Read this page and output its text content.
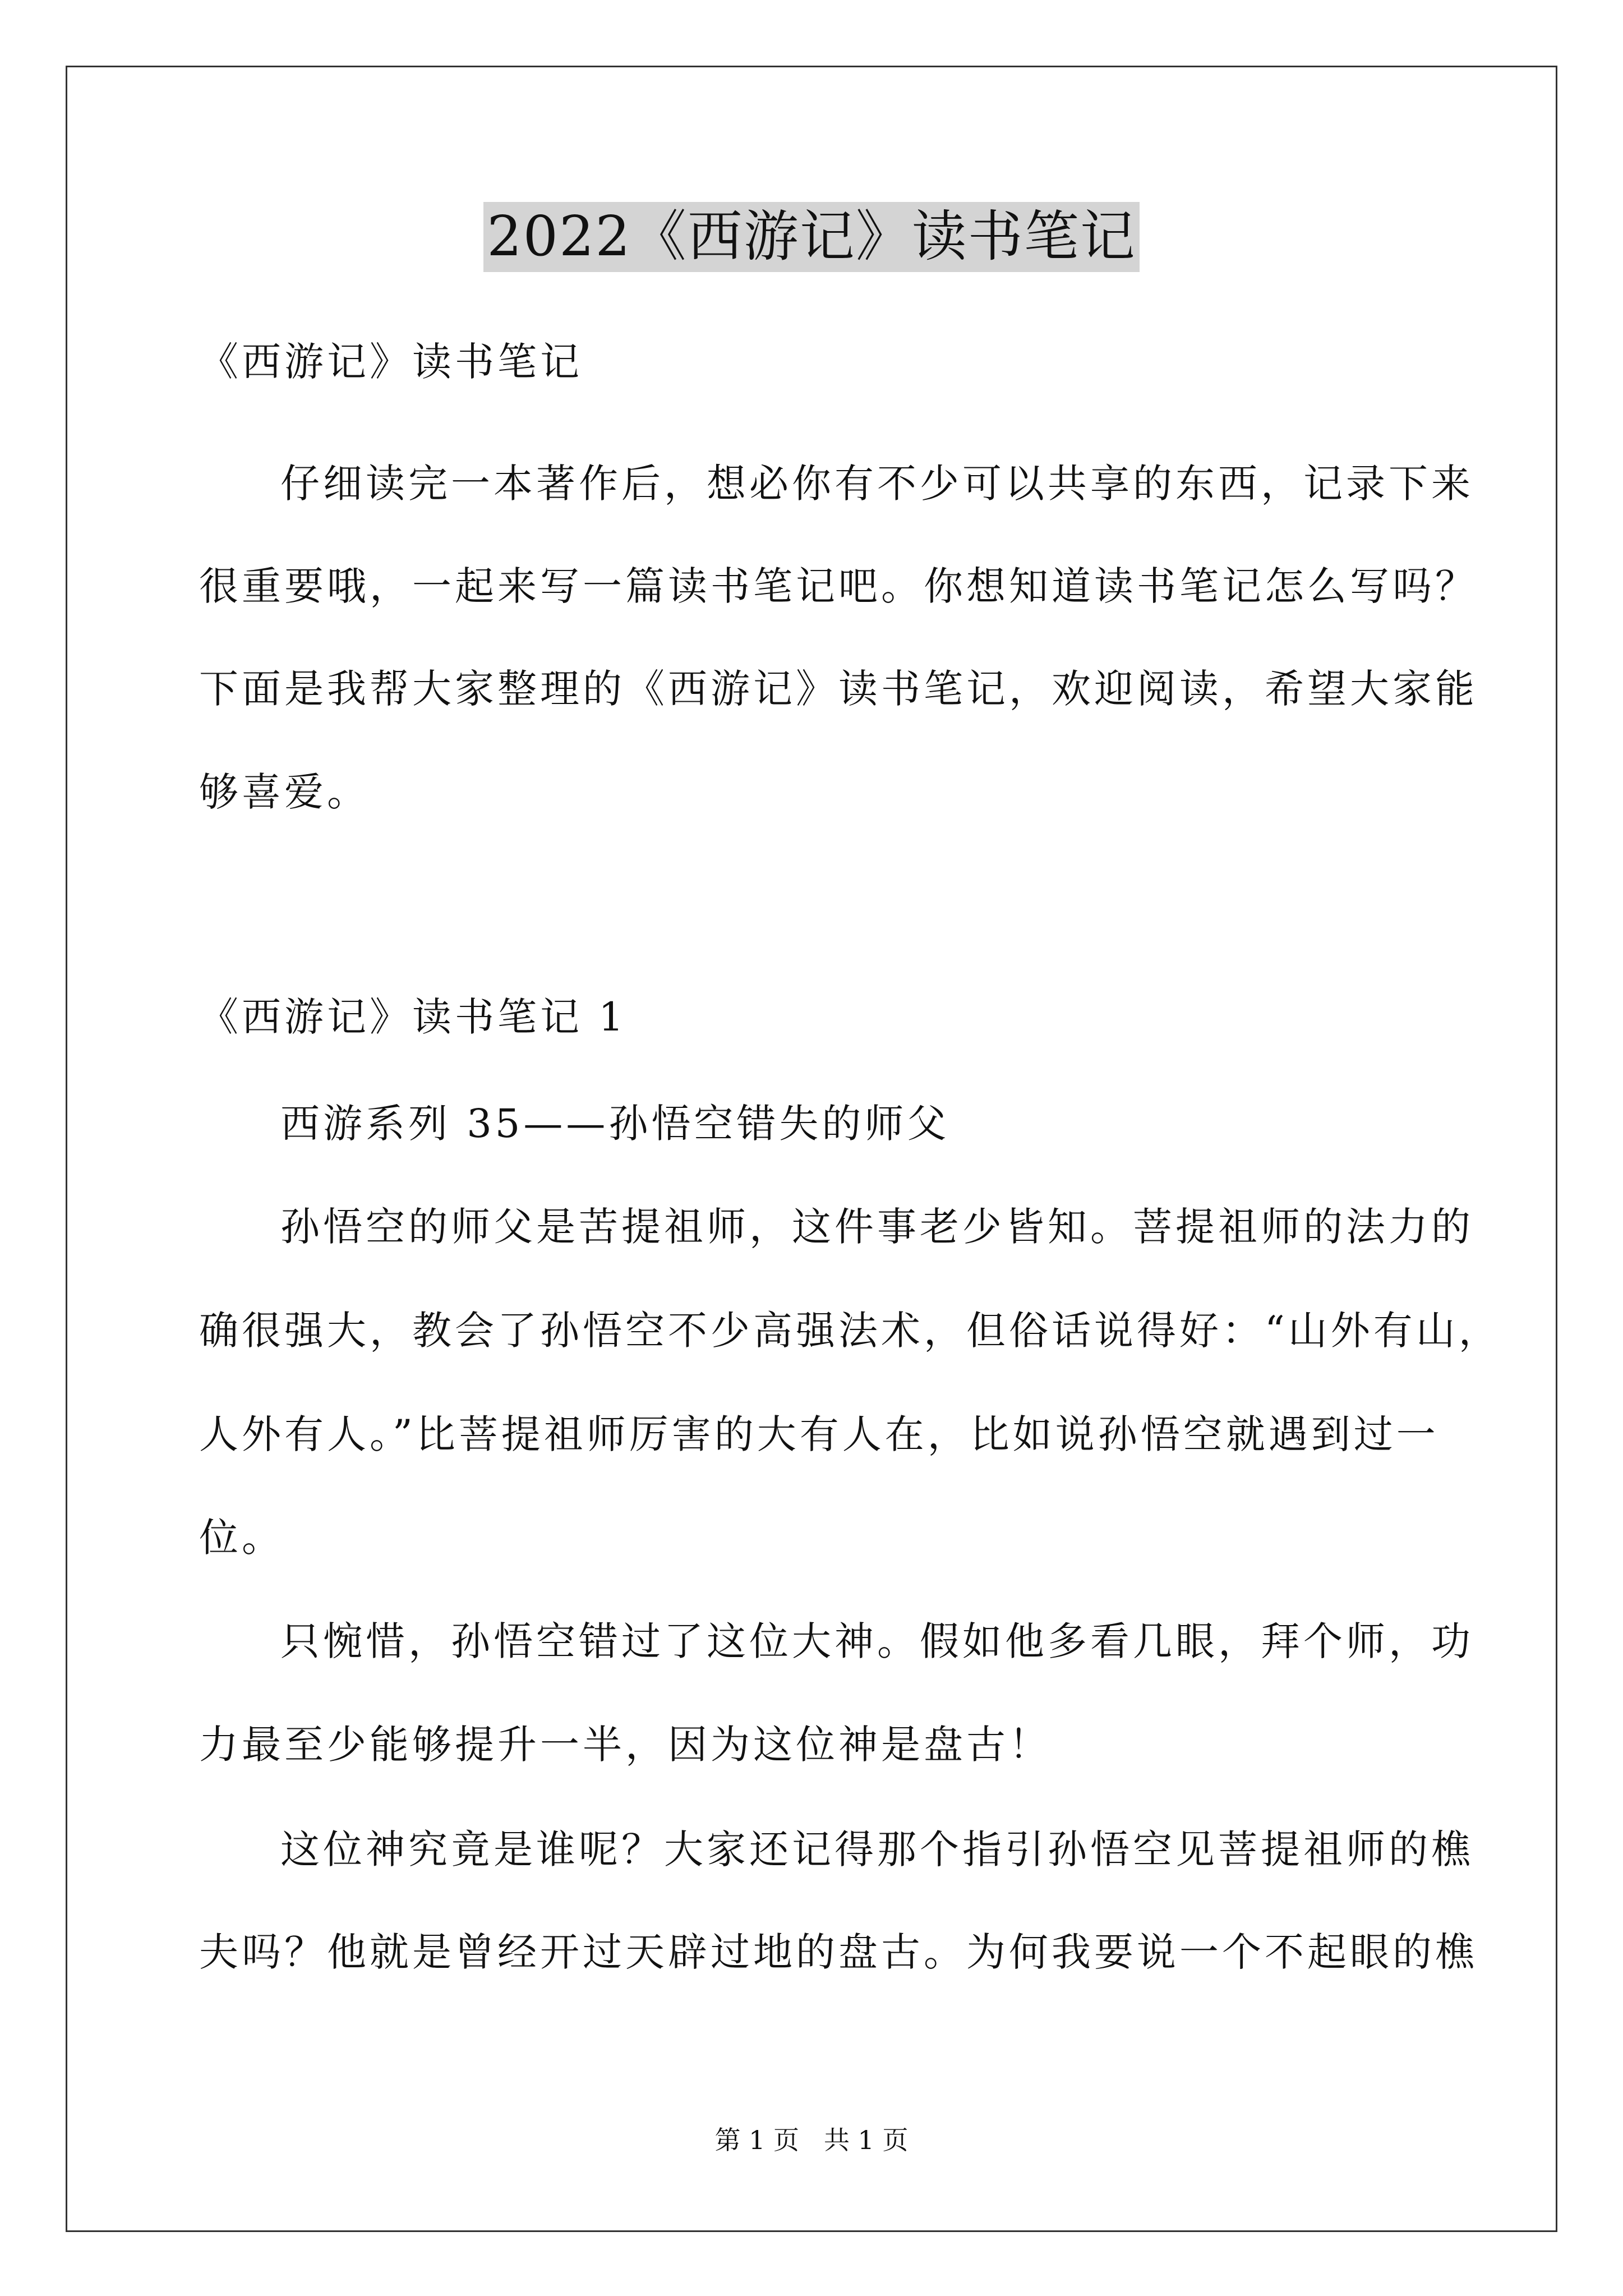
2022《西游记》读书笔记
《西游记》读书笔记
仔细读完一本著作后，想必你有不少可以共享的东西，记录下来
很重要哦，一起来写一篇读书笔记吧。你想知道读书笔记怎么写吗？
下面是我帮大家整理的《西游记》读书笔记，欢迎阅读，希望大家能
够喜爱。
《西游记》读书笔记 1
西游系列 35——孙悟空错失的师父
孙悟空的师父是苦提祖师，这件事老少皆知。菩提祖师的法力的
确很强大，教会了孙悟空不少高强法术，但俗话说得好：“山外有山，
人外有人。”比菩提祖师厉害的大有人在，比如说孙悟空就遇到过一
位。
只惋惜，孙悟空错过了这位大神。假如他多看几眼，拜个师，功
力最至少能够提升一半，因为这位神是盘古！
这位神究竟是谁呢？大家还记得那个指引孙悟空见菩提祖师的樵
夫吗？他就是曾经开过天辟过地的盘古。为何我要说一个不起眼的樵
第 1 页 共 1 页
